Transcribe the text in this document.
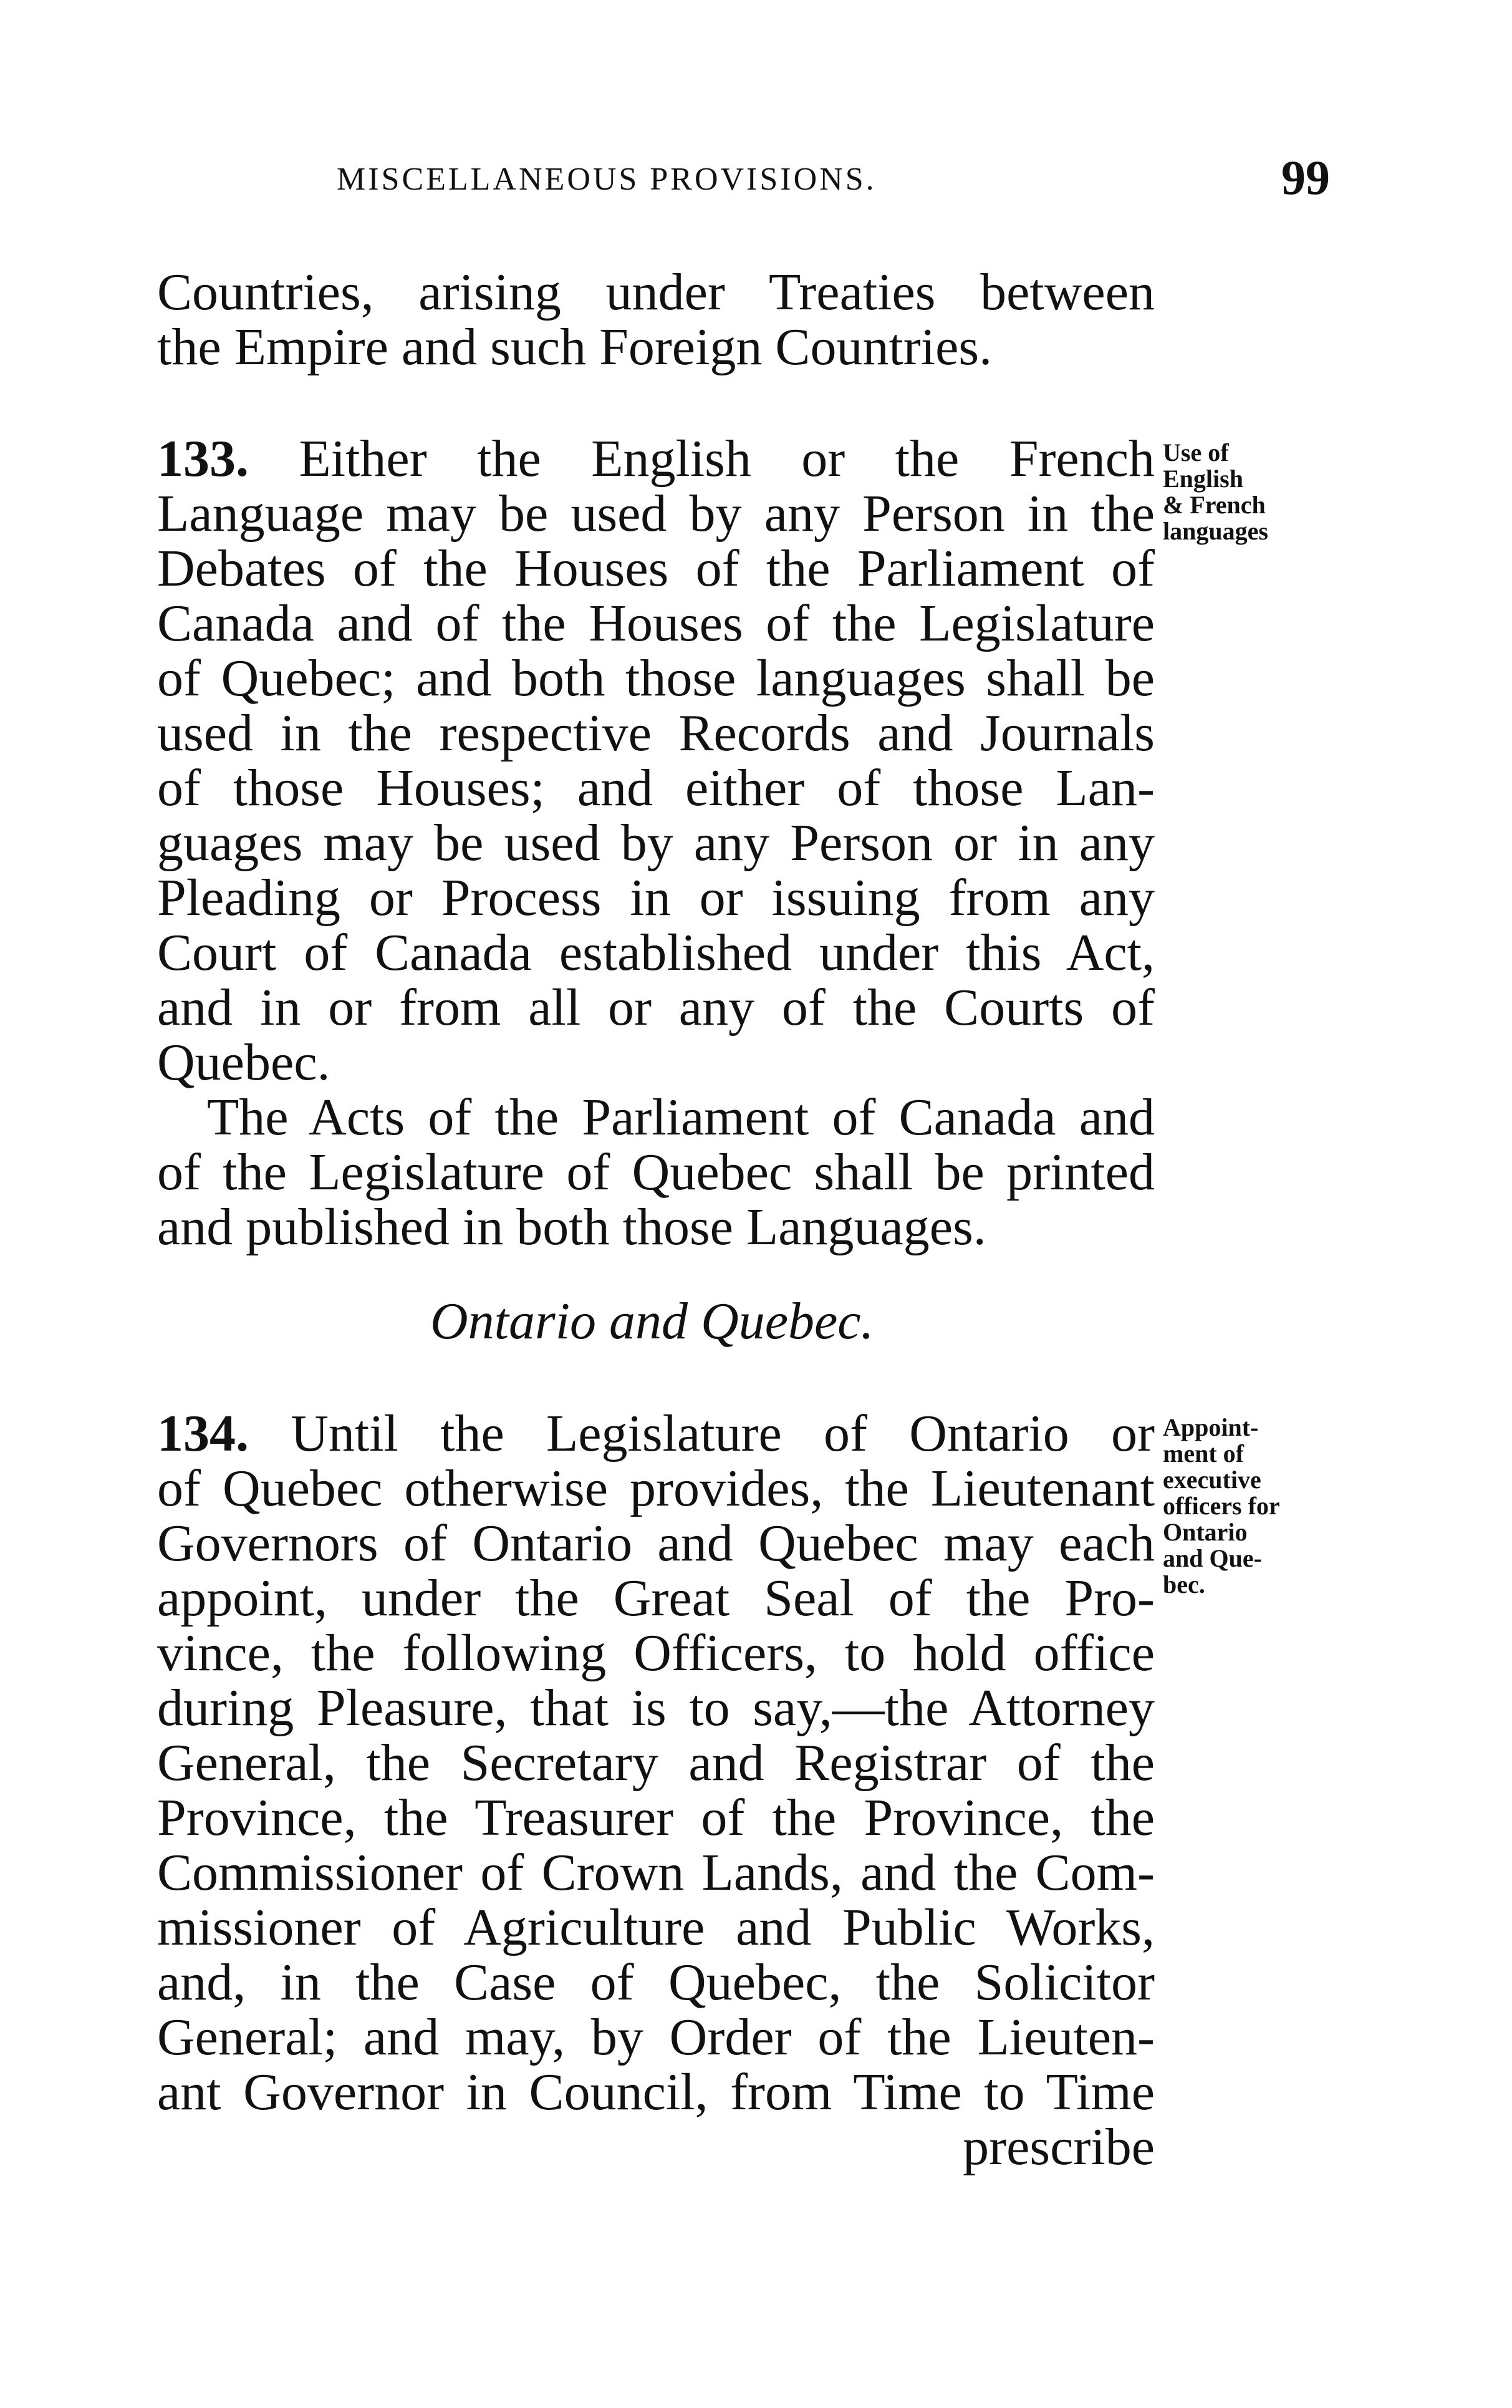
MISCELLANEOUS PROVISIONS.	99
Countries, arising under Treaties between
the Empire and such Foreign Countries.
133. Either the English or the French
Language may be used by any Person in the
Debates of the Houses of the Parliament of
Canada and of the Houses of the Legislature
of Quebec; and both those languages shall be
used in the respective Records and Journals
of those Houses; and either of those Lan-
guages may be used by any Person or in any
Pleading or Process in or issuing from any
Court of Canada established under this Act,
and in or from all or any of the Courts of
Quebec.
The Acts of the Parliament of Canada and
of the Legislature of Quebec shall be printed
and published in both those Languages.
Use of
English
& French
languages
Ontario and Quebec.
134. Until the Legislature of Ontario or
of Quebec otherwise provides, the Lieutenant
Governors of Ontario and Quebec may each
appoint, under the Great Seal of the Pro-
vince, the following Officers, to hold office
during Pleasure, that is to say,—the Attorney
General, the Secretary and Registrar of the
Province, the Treasurer of the Province, the
Commissioner of Crown Lands, and the Com-
missioner of Agriculture and Public Works,
and, in the Case of Quebec, the Solicitor
General; and may, by Order of the Lieuten-
ant Governor in Council, from Time to Time
prescribe
Appoint-
ment of
executive
officers for
Ontario
and Que-
bec.
